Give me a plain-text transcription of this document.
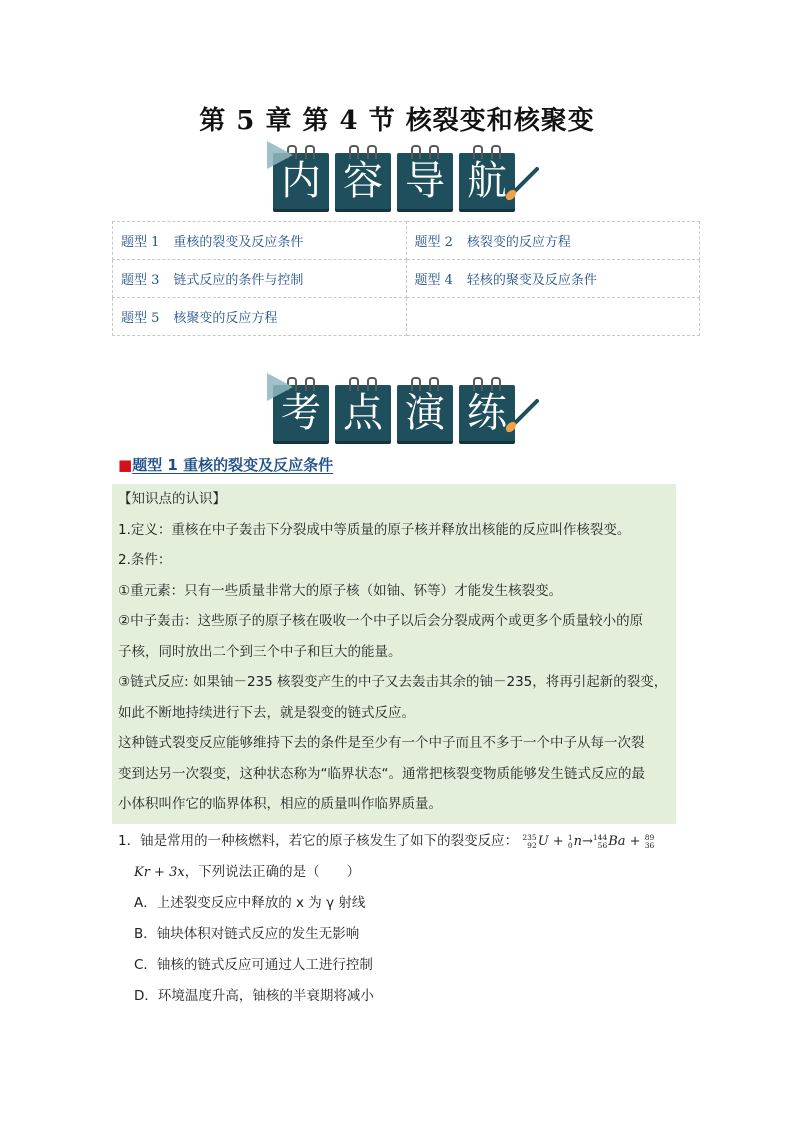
第 5 章 第 4 节 核裂变和核聚变
内 容 导 航
题型 1 重核的裂变及反应条件	题型 2 核裂变的反应方程
题型 3 链式反应的条件与控制	题型 4 轻核的聚变及反应条件
题型 5 核聚变的反应方程	
考 点 演 练
■题型 1 重核的裂变及反应条件

【知识点的认识】

1.定义：重核在中子轰击下分裂成中等质量的原子核并释放出核能的反应叫作核裂变。

2.条件：

①重元素：只有一些质量非常大的原子核（如铀、钚等）才能发生核裂变。

②中子轰击：这些原子的原子核在吸收一个中子以后会分裂成两个或更多个质量较小的原

子核，同时放出二个到三个中子和巨大的能量。

③链式反应: 如果铀－235 核裂变产生的中子又去轰击其余的铀－235，将再引起新的裂变，

如此不断地持续进行下去，就是裂变的链式反应。

这种链式裂变反应能够维持下去的条件是至少有一个中子而且不多于一个中子从每一次裂

变到达另一次裂变，这种状态称为“临界状态“。通常把核裂变物质能够发生链式反应的最

小体积叫作它的临界体积，相应的质量叫作临界质量。

1．铀是常用的一种核燃料，若它的原子核发生了如下的裂变反应： 235
92 U + 1
0 n→ 144
56 Ba + 89
36
Kr + 3x，下列说法正确的是（　　）
A．上述裂变反应中释放的 x 为 γ 射线
B．铀块体积对链式反应的发生无影响
C．铀核的链式反应可通过人工进行控制
D．环境温度升高，铀核的半衰期将减小
